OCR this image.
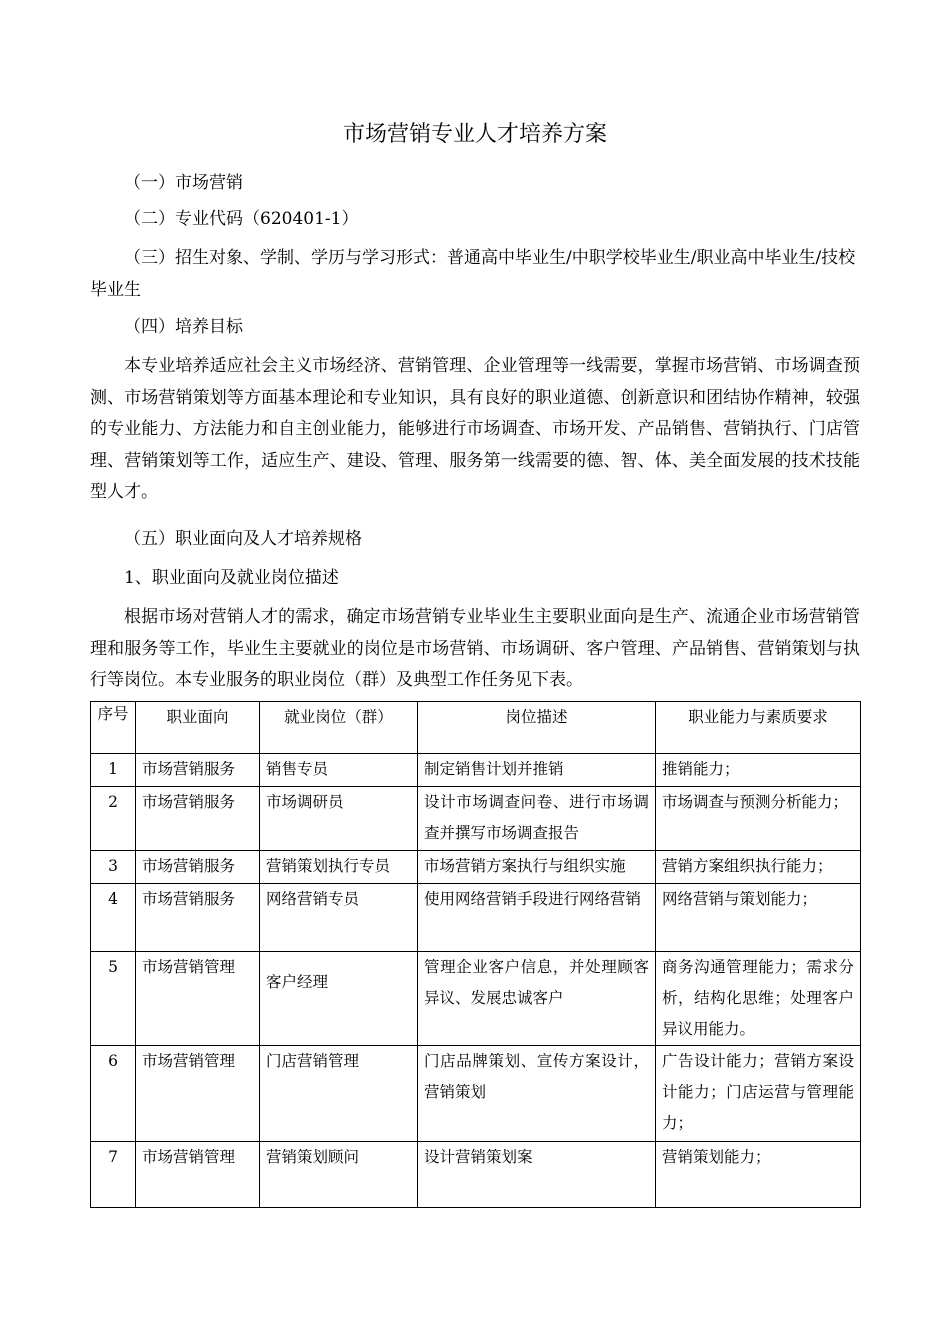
市场营销专业人才培养方案

（一）市场营销

（二）专业代码（620401-1）

（三）招生对象、学制、学历与学习形式：普通高中毕业生/中职学校毕业生/职业高中毕业生/技校毕业生

（四）培养目标

本专业培养适应社会主义市场经济、营销管理、企业管理等一线需要，掌握市场营销、市场调查预测、市场营销策划等方面基本理论和专业知识，具有良好的职业道德、创新意识和团结协作精神，较强的专业能力、方法能力和自主创业能力，能够进行市场调查、市场开发、产品销售、营销执行、门店管理、营销策划等工作，适应生产、建设、管理、服务第一线需要的德、智、体、美全面发展的技术技能型人才。

（五）职业面向及人才培养规格

1、职业面向及就业岗位描述

根据市场对营销人才的需求，确定市场营销专业毕业生主要职业面向是生产、流通企业市场营销管理和服务等工作，毕业生主要就业的岗位是市场营销、市场调研、客户管理、产品销售、营销策划与执行等岗位。本专业服务的职业岗位（群）及典型工作任务见下表。

序号	职业面向	就业岗位（群）	岗位描述	职业能力与素质要求
1	市场营销服务	销售专员	制定销售计划并推销	推销能力；
2	市场营销服务	市场调研员	设计市场调查问卷、进行市场调查并撰写市场调查报告	市场调查与预测分析能力；
3	市场营销服务	营销策划执行专员	市场营销方案执行与组织实施	营销方案组织执行能力；
4	市场营销服务	网络营销专员	使用网络营销手段进行网络营销	网络营销与策划能力；
5	市场营销管理	客户经理	管理企业客户信息，并处理顾客异议、发展忠诚客户	商务沟通管理能力；需求分析，结构化思维；处理客户异议用能力。
6	市场营销管理	门店营销管理	门店品牌策划、宣传方案设计，营销策划	广告设计能力；营销方案设计能力；门店运营与管理能力；
7	市场营销管理	营销策划顾问	设计营销策划案	营销策划能力；
